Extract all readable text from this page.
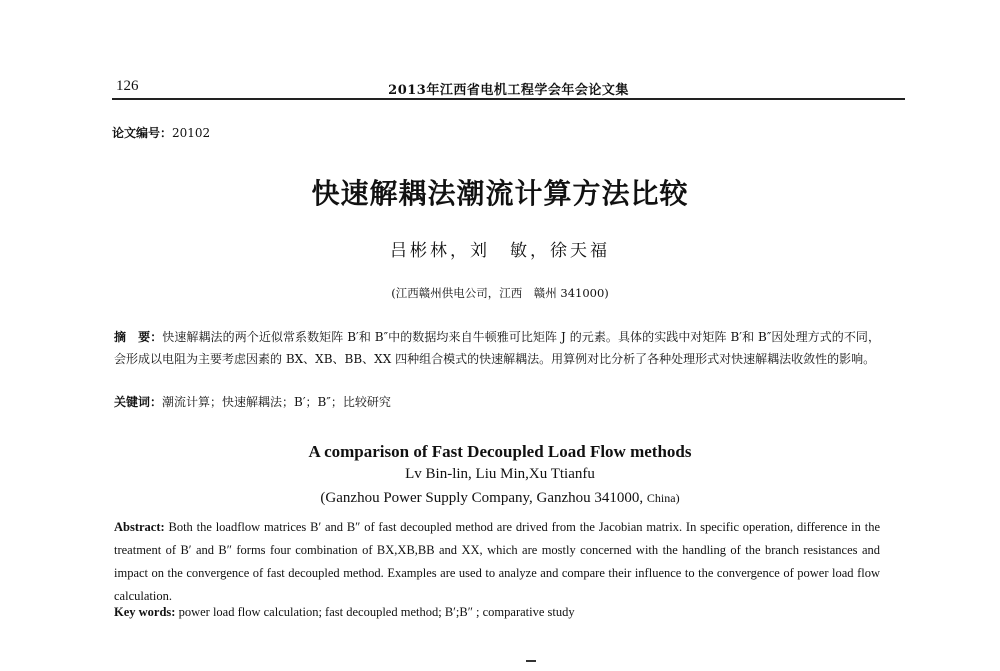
126	2013年江西省电机工程学会年会论文集
论文编号：20102
快速解耦法潮流计算方法比较
吕彬林，刘　敏，徐天福
(江西赣州供电公司，江西　赣州 341000)
摘　要：快速解耦法的两个近似常系数矩阵 B′和 B″中的数据均来自牛顿雅可比矩阵 J 的元素。具体的实践中对矩阵 B′和 B″因处理方式的不同，会形成以电阻为主要考虑因素的 BX、XB、BB、XX 四种组合模式的快速解耦法。用算例对比分析了各种处理形式对快速解耦法收敛性的影响。
关键词：潮流计算；快速解耦法；B′；B″；比较研究
A comparison of Fast Decoupled Load Flow methods
Lv Bin-lin, Liu Min,Xu Ttianfu
(Ganzhou Power Supply Company, Ganzhou 341000, China)
Abstract: Both the loadflow matrices B′ and B″ of fast decoupled method are drived from the Jacobian matrix. In specific operation, difference in the treatment of B′ and B″ forms four combination of BX,XB,BB and XX, which are mostly concerned with the handling of the branch resistances and impact on the convergence of fast decoupled method. Examples are used to analyze and compare their influence to the convergence of power load flow calculation.
Key words: power load flow calculation; fast decoupled method; B′;B″ ; comparative study
